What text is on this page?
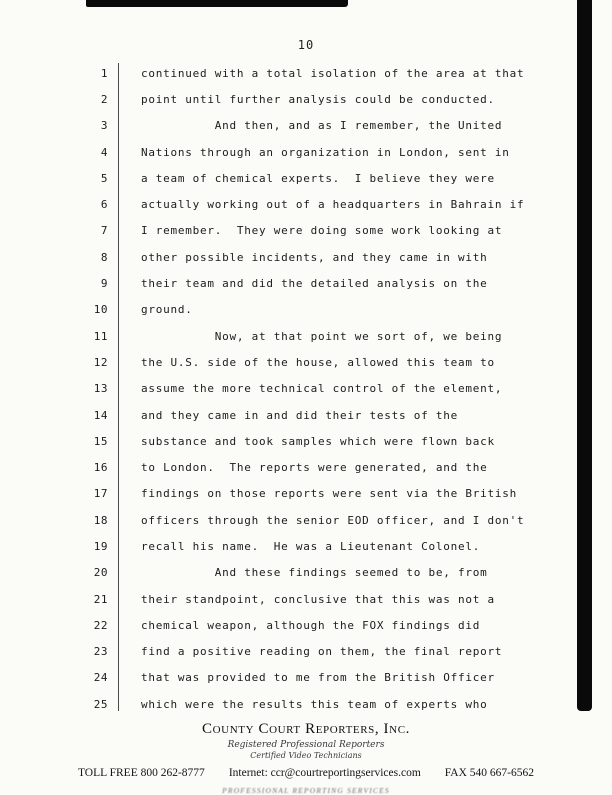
10
1	continued with a total isolation of the area at that
2	point until further analysis could be conducted.
3	And then, and as I remember, the United
4	Nations through an organization in London, sent in
5	a team of chemical experts.  I believe they were
6	actually working out of a headquarters in Bahrain if
7	I remember.  They were doing some work looking at
8	other possible incidents, and they came in with
9	their team and did the detailed analysis on the
10	ground.
11	Now, at that point we sort of, we being
12	the U.S. side of the house, allowed this team to
13	assume the more technical control of the element,
14	and they came in and did their tests of the
15	substance and took samples which were flown back
16	to London.  The reports were generated, and the
17	findings on those reports were sent via the British
18	officers through the senior EOD officer, and I don't
19	recall his name.  He was a Lieutenant Colonel.
20	And these findings seemed to be, from
21	their standpoint, conclusive that this was not a
22	chemical weapon, although the FOX findings did
23	find a positive reading on them, the final report
24	that was provided to me from the British Officer
25	which were the results this team of experts who
County Court Reporters, Inc.
Registered Professional Reporters
Certified Video Technicians
TOLL FREE 800 262-8777 Internet: ccr@courtreportingservices.com FAX 540 667-6562
PROFESSIONAL REPORTING SERVICES
